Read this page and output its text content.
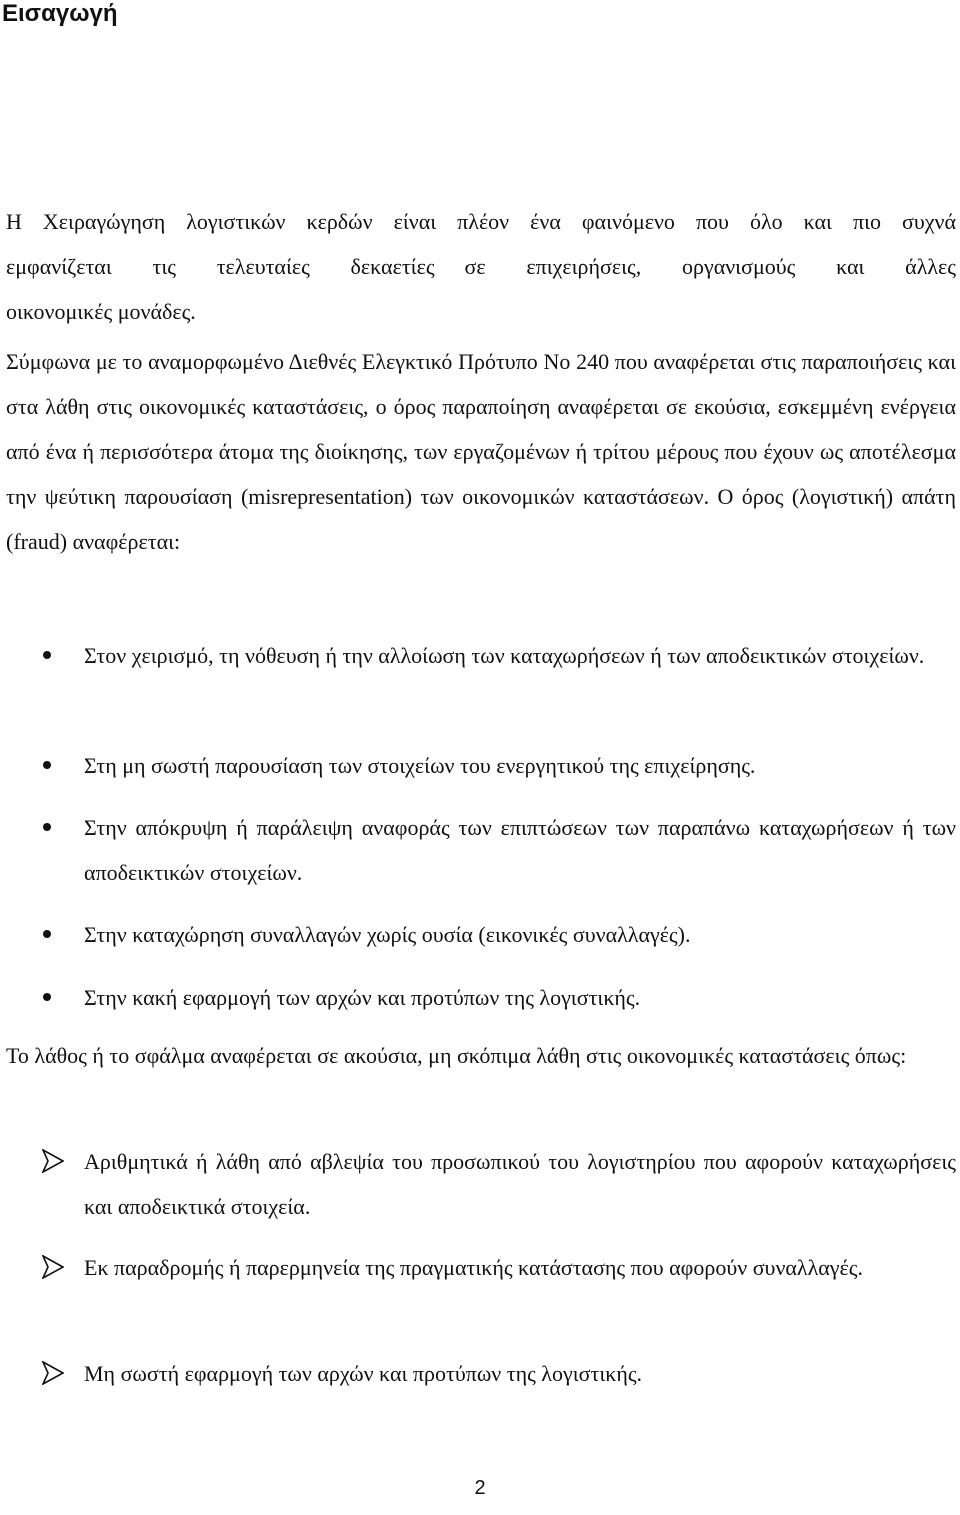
Εισαγωγή
Η Χειραγώγηση λογιστικών κερδών είναι πλέον ένα φαινόμενο που όλο και πιο συχνά
εμφανίζεται τις τελευταίες δεκαετίες σε επιχειρήσεις, οργανισμούς και άλλες
οικονομικές μονάδες.

Σύμφωνα με το αναμορφωμένο Διεθνές Ελεγκτικό Πρότυπο Νο 240 που αναφέρεται στις παραποιήσεις και στα λάθη στις οικονομικές καταστάσεις, ο όρος παραποίηση αναφέρεται σε εκούσια, εσκεμμένη ενέργεια από ένα ή περισσότερα άτομα της διοίκησης, των εργαζομένων ή τρίτου μέρους που έχουν ως αποτέλεσμα την ψεύτικη παρουσίαση (misrepresentation) των οικονομικών καταστάσεων. Ο όρος (λογιστική) απάτη (fraud) αναφέρεται:

Στον χειρισμό, τη νόθευση ή την αλλοίωση των καταχωρήσεων ή των αποδεικτικών στοιχείων.

Στη μη σωστή παρουσίαση των στοιχείων του ενεργητικού της επιχείρησης.

Στην απόκρυψη ή παράλειψη αναφοράς των επιπτώσεων των παραπάνω καταχωρήσεων ή των αποδεικτικών στοιχείων.

Στην καταχώρηση συναλλαγών χωρίς ουσία (εικονικές συναλλαγές).

Στην κακή εφαρμογή των αρχών και προτύπων της λογιστικής.

Το λάθος ή το σφάλμα αναφέρεται σε ακούσια, μη σκόπιμα λάθη στις οικονομικές καταστάσεις όπως:

Αριθμητικά ή λάθη από αβλεψία του προσωπικού του λογιστηρίου που αφορούν καταχωρήσεις και αποδεικτικά στοιχεία.

Εκ παραδρομής ή παρερμηνεία της πραγματικής κατάστασης που αφορούν συναλλαγές.

Μη σωστή εφαρμογή των αρχών και προτύπων της λογιστικής.

2
